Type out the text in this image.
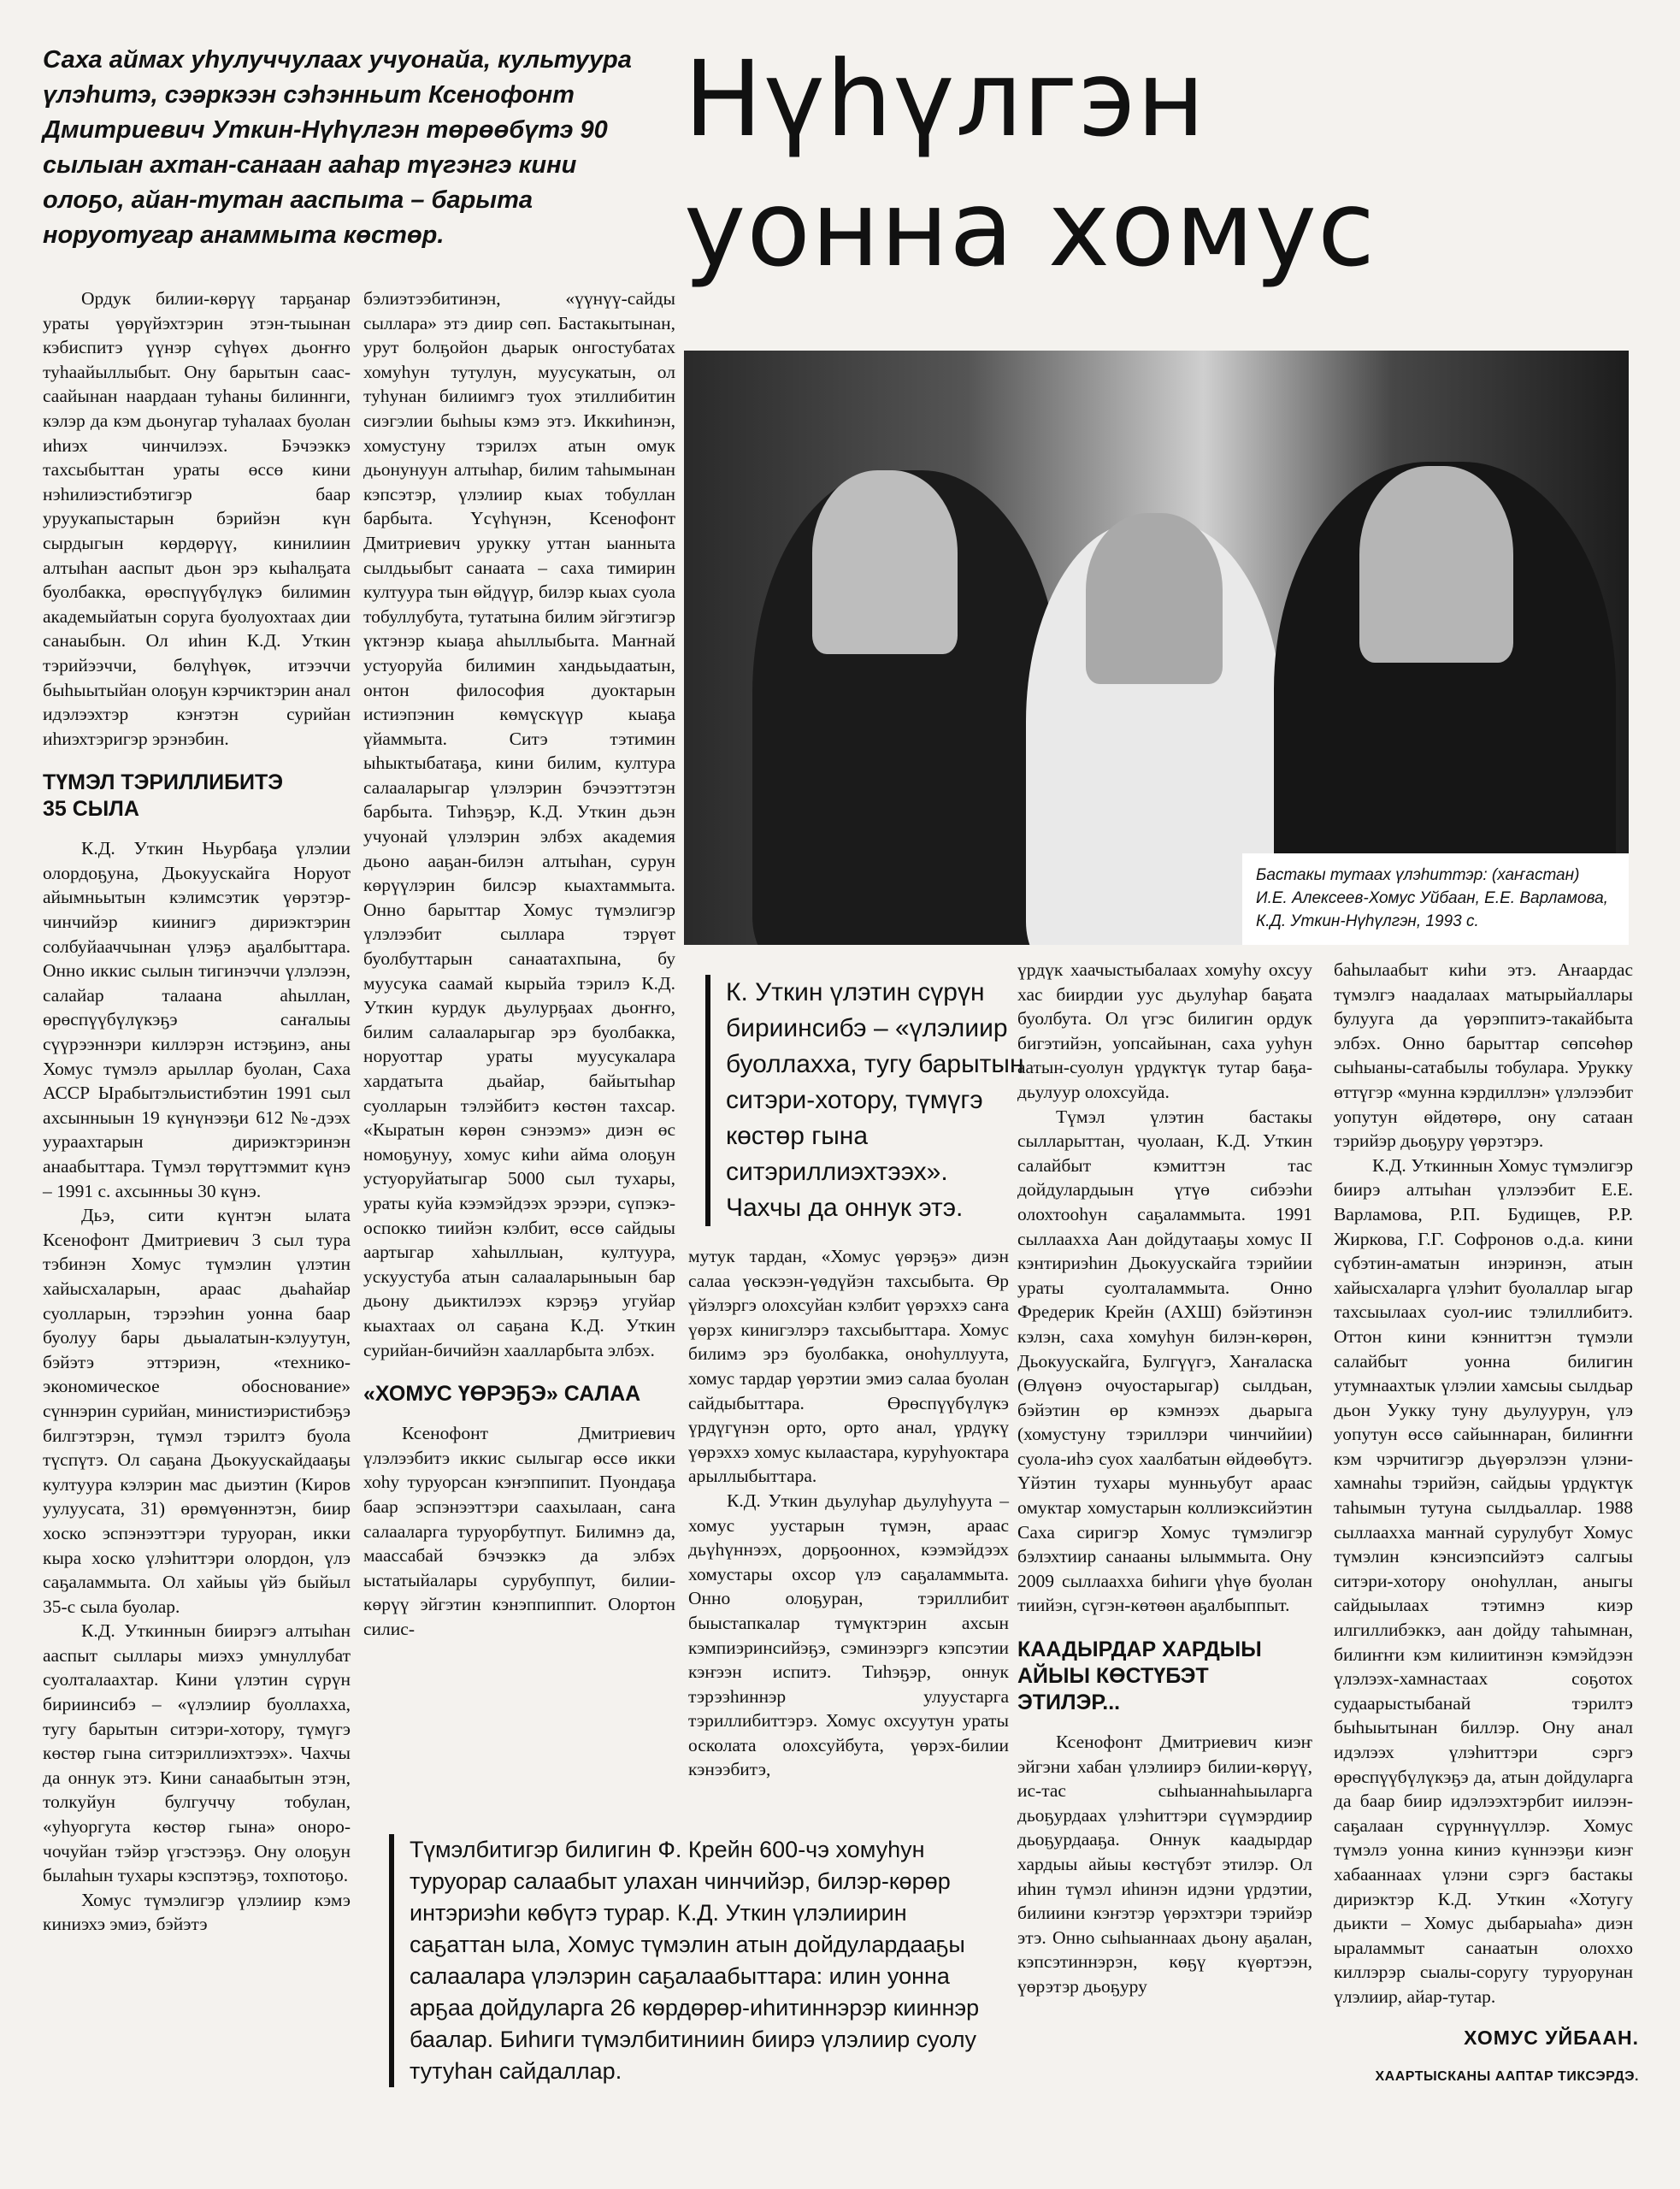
Саха аймах уһулуччулаах учуонайа, культуура үлэһитэ, сэәркээн сэһэнньит Ксенофонт Дмитриевич Уткин-Нүһүлгэн төрөөбүтэ 90 сылыан ахтан-санаан ааһар түгэнгэ кини олоҕо, айан-тутан ааспыта – барыта норуотугар анаммыта көстөр.
Нүһүлгэн
уонна хомус

Ордук билии-көрүү тарҕанар ураты үөрүйэхтэрин этэн-тыынан кэбиспитэ үүнэр сүһүөх дьоҥҥо туһаайыллыбыт. Ону барытын саас-саайынан наардаан туһаны билиннги, кэлэр да кэм дьонугар туһалаах буолан иһиэх чинчилээх. Бэчээккэ тахсыбыттан ураты өссө кини нэһилиэстибэтигэр баар уруукапыстарын бэрийэн күн сырдыгын көрдөрүү, кинилиин алтыһан ааспыт дьон эрэ кыһалҕата буолбакка, өрөспүүбүлүкэ билимин академыйатын соруга буолуохтаах дии санаыбын. Ол иһин К.Д. Уткин тэрийээччи, бөлүһүөк, итээччи быһыытыйан олоҕун кэрчиктэрин анал идэлээхтэр кэҥэтэн сурийан иһиэхтэригэр эрэнэбин.

ТҮМЭЛ ТЭРИЛЛИБИТЭ
35 СЫЛА

К.Д. Уткин Ньурбаҕа үлэлии олордоҕуна, Дьокуускайга Норуот айымньытын кэлимсэтик үөрэтэр-чинчийэр киинигэ дириэктэрин солбуйааччынан үлэҕэ аҕалбыттара. Онно иккис сылын тигинэччи үлэлээн, салайар талаана аһыллан, өрөспүүбүлүкэҕэ саҥалыы сүүрээннэри киллэрэн истэҕинэ, аны Хомус түмэлэ арыллар буолан, Саха АССР Ырабытэльистибэтин 1991 сыл ахсынныын 19 күнүнээҕи 612 №-дээх уураахтарын дириэктэринэн анаабыттара. Түмэл төрүттэммит күнэ – 1991 с. ахсынньы 30 күнэ.

Дьэ, сити күнтэн ылата Ксенофонт Дмитриевич 3 сыл тура тэбинэн Хомус түмэлин үлэтин хайысхаларын, араас дьаһайар суолларын, тэрээһин уонна баар буолуу бары дьыалатын-кэлуутун, бэйэтэ эттэриэн, «технико-экономическое обоснование» сүннэрин сурийан, министиэристибэҕэ билгэтэрэн, түмэл тэрилтэ буола түспүтэ. Ол саҕана Дьокуускайдааҕы култуура кэлэрин мас дьиэтин (Киров уулуусата, 31) өрөмүөннэтэн, биир хоско эспэнээттэри туруоран, икки кыра хоско үлэһиттэри олордон, үлэ саҕаламмыта. Ол хайыы үйэ быйыл 35-с сыла буолар.

К.Д. Уткиннын биирэгэ алтыһан ааспыт сыллары миэхэ умнуллубат суолталаахтар. Кини үлэтин сүрүн бириинсибэ – «үлэлиир буоллахха, тугу барытын ситэри-хотору, түмүгэ көстөр гына ситэриллиэхтээх». Чахчы да оннук этэ. Кини санаабытын этэн, толкуйун булгуччу тобулан, «уһуоргута көстөр гына» оноро-чочуйан тэйэр үгэстээҕэ. Ону олоҕун былаһын тухары кэспэтэҕэ, тохпотоҕо.

Хомус түмэлигэр үлэлиир кэмэ киниэхэ эмиэ, бэйэтэ

бэлиэтээбитинэн, «үүнүү-сайды сыллара» этэ диир сөп. Бастакытынан, урут болҕойон дьарык онгостубатах хомуһун тутулун, муусукатын, ол туһунан билиимгэ туох этиллибитин сиэгэлии быһыы кэмэ этэ. Иккиһинэн, хомустуну тэрилэх атын омук дьонунуун алтыһар, билим таһымынан кэпсэтэр, үлэлиир кыах тобуллан барбыта. Үсүһүнэн, Ксенофонт Дмитриевич урукку уттан ыанныта сылдьыбыт санаата – саха тимирин култуура тын өйдүүр, билэр кыах суола тобуллубута, тутатына билим эйгэтигэр үктэнэр кыаҕа аһыллыбыта. Маҥнай устуоруйа билимин хандьыдаатын, онтон философия дуоктарын истиэпэнин көмүскүүр кыаҕа үйаммыта. Ситэ тэтимин ыһыктыбатаҕа, кини билим, култура салааларыгар үлэлэрин бэчээттэтэн барбыта. Тиһэҕэр, К.Д. Уткин дьэн учуонай үлэлэрин элбэх академия дьоно ааҕан-билэн алтыһан, сурун көрүүлэрин билсэр кыахтаммыта. Онно барыттар Хомус түмэлигэр үлэлээбит сыллара тэрүөт буолбуттарын санаатахпына, бу муусука саамай кырыйа тэрилэ К.Д. Уткин курдук дьулурҕаах дьоҥҥо, билим салааларыгар эрэ буолбакка, норуоттар ураты муусукалара хардатыта дьайар, байытыһар суолларын тэлэйбитэ көстөн тахсар. «Кыратын көрөн сэнээмэ» диэн өс номоҕунуу, хомус киһи айма олоҕун устуоруйатыгар 5000 сыл тухары, ураты куйа кээмэйдээх эрээри, сүпэкэ-оспокко тиийэн кэлбит, өссө сайдыы аартыгар хаһыллыан, култуура, ускуустуба атын салааларыныын бар дьону дьиктилээх кэрэҕэ угуйар кыахтаах ол саҕана К.Д. Уткин сурийан-бичийэн хаалларбыта элбэх.

«ХОМУС ҮӨРЭҔЭ» САЛАА

Ксенофонт Дмитриевич үлэлээбитэ иккис сылыгар өссө икки хоһу туруорсан кэҥэппипит. Пуондаҕа баар эспэнээттэри саахылаан, саҥа салааларга туруорбутпут. Билимнэ да, мааcсабай бэчээккэ да элбэх ыстатыйалары сурубуппут, билии-көрүү эйгэтин кэнэппиппит. Олортон силис-

Бастакы тутаах үлэһиттэр: (хаҥастан) И.Е. Алексеев-Хомус Уйбаан, Е.Е. Варламова, К.Д. Уткин-Нүһүлгэн, 1993 с.
К. Уткин үлэтин сүрүн бириинсибэ – «үлэлиир буоллахха, тугу барытын ситэри-хотору, түмүгэ көстөр гына ситэриллиэхтээх». Чахчы да оннук этэ.

мутук тардан, «Хомус үөрэҕэ» диэн салаа үөскээн-үөдүйэн тахсыбыта. Өр үйэлэргэ олохсуйан кэлбит үөрэххэ саҥа үөрэх кинигэлэрэ тахсыбыттара. Хомус билимэ эрэ буолбакка, оноһуллуута, хомус тардар үөрэтии эмиэ салаа буолан сайдыбыттара. Өрөспүүбүлүкэ үрдүгүнэн орто, орто анал, үрдүкү үөрэххэ хомус кылаастара, куруһуоктара арыллыбыттара.

К.Д. Уткин дьулуһар дьулуһуута – хомус уустарын түмэн, араас дьүһүннээх, дорҕооннох, кээмэйдээх хомустары охсор үлэ саҕаламмыта. Онно олоҕуран, тэриллибит быыстапкалар түмүктэрин ахсын кэмпиэринсийэҕэ, сэминээргэ кэпсэтии кэҥээн испитэ. Тиһэҕэр, оннук тэрээһиннэр улуустарга тэриллибиттэрэ. Хомус охсуутун ураты осколата олохсуйбута, үөрэх-билии кэнээбитэ,

үрдүк хаачыстыбалаах хомуһу охсуу хас биирдии уус дьулуһар баҕата буолбута. Ол үгэс билигин ордук бигэтийэн, уопсайынан, саха ууһун аатын-суолун үрдүктүк тутар баҕа-дьулуур олохсуйда.

Түмэл үлэтин бастакы сылларыттан, чуолаан, К.Д. Уткин салайбыт кэмиттэн тас дойдулардыын үтүө сибээһи олохтооһун саҕаламмыта. 1991 сыллаахха Аан дойдутааҕы хомус II кэнтириэһин Дьокуускайга тэрийии ураты суолталаммыта. Онно Фредерик Крейн (АХШ) бэйэтинэн кэлэн, саха хомуһун билэн-көрөн, Дьокуускайга, Булгүүгэ, Хаҥаласка (Өлүөнэ очуостарыгар) сылдьан, бэйэтин өр кэмнээх дьарыга (хомустуну тэриллэри чинчийии) суола-иһэ суох хаалбатын өйдөөбүтэ. Үйэтин тухары мунньубут араас омуктар хомустарын коллиэксийэтин Саха сиригэр Хомус түмэлигэр бэлэхтиир санааны ылыммыта. Ону 2009 сыллаахха биһиги үһүө буолан тиийэн, сүгэн-көтөөн аҕалбыппыт.

КААДЫРДАР ХАРДЫЫ
АЙЫЫ КӨСТҮБЭТ
ЭТИЛЭР...

Ксенофонт Дмитриевич киэҥ эйгэни хабан үлэлиирэ билии-көрүү, ис-тас сыһыаннаһыыларга дьоҕурдаах үлэһиттэри сүүмэрдиир дьоҕурдааҕа. Оннук каадырдар хардыы айыы көстүбэт этилэр. Ол иһин түмэл иһинэн идэни үрдэтии, билиини кэҥэтэр үөрэхтэри тэрийэр этэ. Онно сыһыаннаах дьону аҕалан, кэпсэтиннэрэн, көҕү күөртээн, үөрэтэр дьоҕуру

баһылаабыт киһи этэ. Аҥаардас түмэлгэ наадалаах матырыйаллары булууга да үөрэппитэ-такайбыта элбэх. Онно барыттар сөпсөһөр сыһыаны-сатабылы тобулара. Урукку өттүгэр «мунна кэрдиллэн» үлэлээбит уопутун өйдөтөрө, ону сатаан тэрийэр дьоҕуру үөрэтэрэ.

К.Д. Уткиннын Хомус түмэлигэр биирэ алтыһан үлэлээбит Е.Е. Варламова, Р.П. Будищев, Р.Р. Жиркова, Г.Г. Софронов о.д.а. кини сүбэтин-аматын инэринэн, атын хайысхаларга үлэһит буолаллар ыгар тахсыылаах суол-иис тэлиллибитэ. Оттон кини кэнниттэн түмэли салайбыт уонна билигин утумнаахтык үлэлии хамсыы сылдьар дьон Уукку туну дьулуурун, үлэ уопутун өссө сайыннаран, билиҥҥи кэм чэрчитигэр дьүөрэлээн үлэни-хамнаһы тэрийэн, сайдыы үрдүктүк таһымын тутуна сылдьаллар. 1988 сыллаахха маҥнай сурулубут Хомус түмэлин кэнсиэпсийэтэ салгыы ситэри-хотору оноһуллан, аныгы сайдыылаах тэтимнэ киэр илгиллибэккэ, аан дойду таһымнан, билиҥҥи кэм килиитинэн кэмэйдээн үлэлээх-хамнастаах соҕотох судаарыстыбанай тэрилтэ быһыытынан биллэр. Ону анал идэлээх үлэһиттэри сэргэ өрөспүүбүлүкэҕэ да, атын дойдуларга да баар биир идэлээхтэрбит иилээн-саҕалаан сүрүннүүллэр. Хомус түмэлэ уонна киниэ күннээҕи киэҥ хабааннаах үлэни сэргэ бастакы дириэктэр К.Д. Уткин «Хотугу дьикти – Хомус дыбарыаһа» диэн ыраламмыт санаатын олоххо киллэрэр сыалы-соругу туруорунан үлэлиир, айар-тутар.

Түмэлбитигэр билигин Ф. Крейн 600-чэ хомуһун туруорар салаабыт улахан чинчийэр, билэр-көрөр интэриэһи көбүтэ турар. К.Д. Уткин үлэлиирин саҕаттан ыла, Хомус түмэлин атын дойдулардааҕы салаалара үлэлэрин саҕалаабыттара: илин уонна арҕаа дойдуларга 26 көрдөрөр-иһитиннэрэр кииннэр баалар. Биһиги түмэлбитиниин биирэ үлэлиир суолу тутуһан сайдаллар.
ХОМУС УЙБААН.
ХААРТЫСКАНЫ ААПТАР ТИКСЭРДЭ.
